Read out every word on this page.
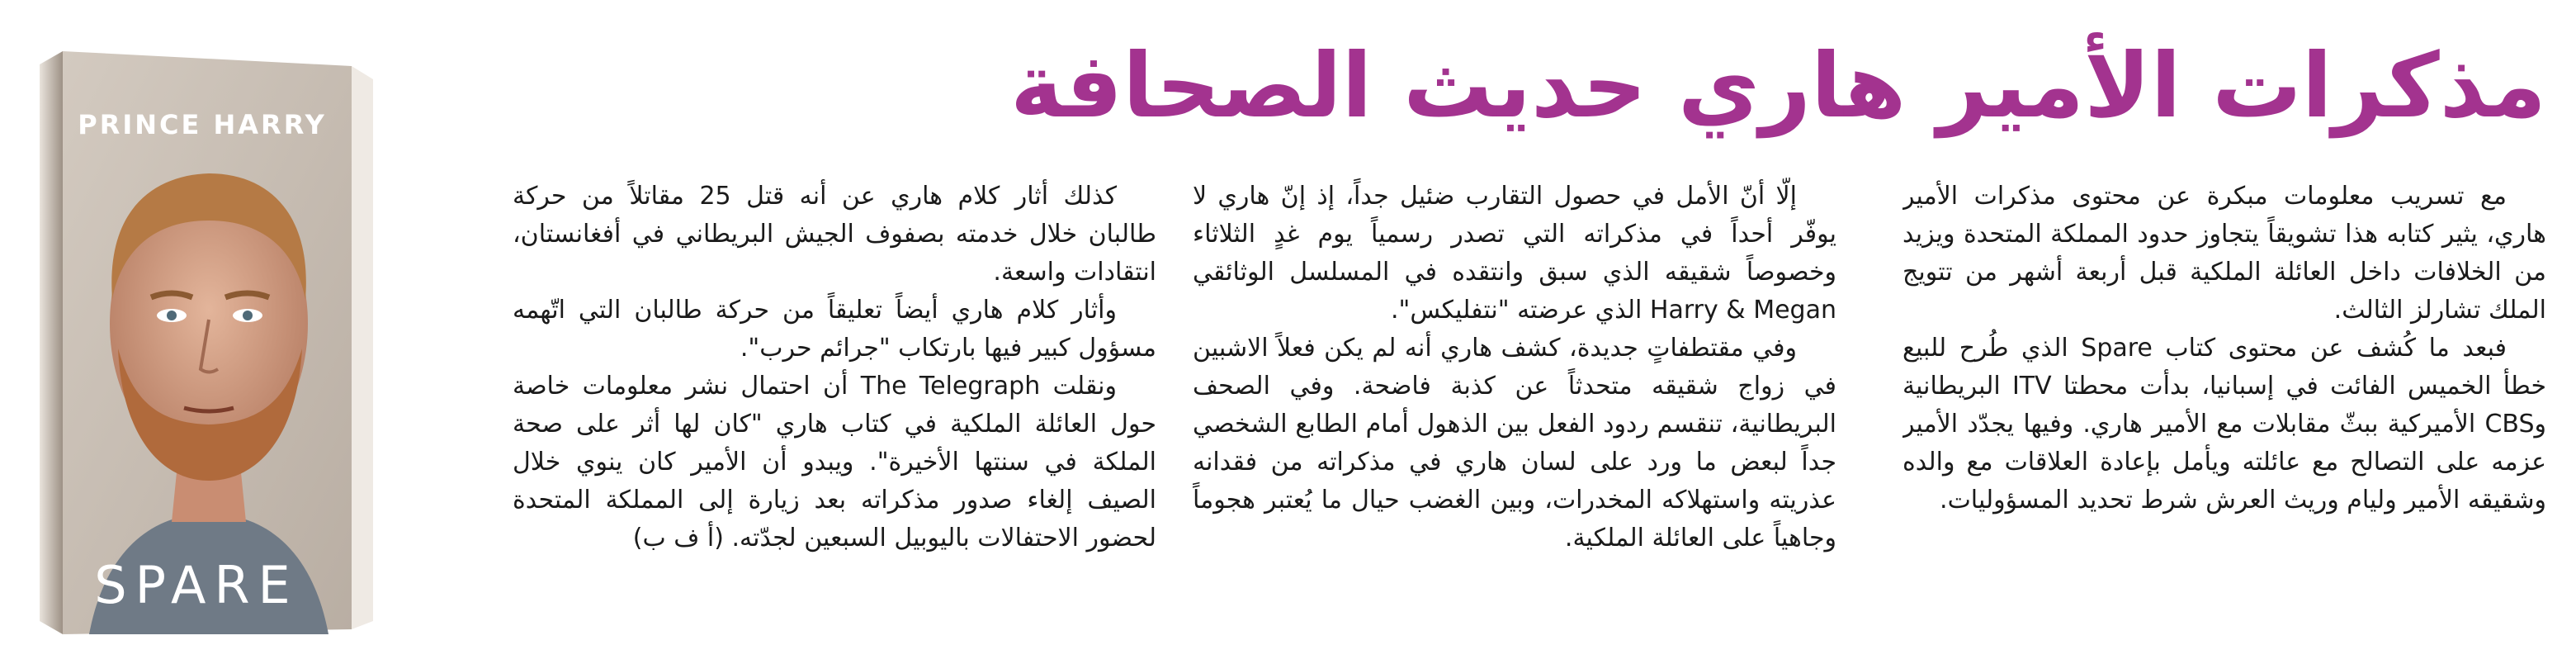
مذكرات الأمير هاري حديث الصحافة

مع تسريب معلومات مبكرة عن محتوى مذكرات الأمير هاري، يثير كتابه هذا تشويقاً يتجاوز حدود المملكة المتحدة ويزيد من الخلافات داخل العائلة الملكية قبل أربعة أشهر من تتويج الملك تشارلز الثالث.

فبعد ما كُشف عن محتوى كتاب Spare الذي طُرح للبيع خطأ الخميس الفائت في إسبانيا، بدأت محطتا ITV البريطانية وCBS الأميركية ببثّ مقابلات مع الأمير هاري. وفيها يجدّد الأمير عزمه على التصالح مع عائلته ويأمل بإعادة العلاقات مع والده وشقيقه الأمير وليام وريث العرش شرط تحديد المسؤوليات.

إلّا أنّ الأمل في حصول التقارب ضئيل جداً، إذ إنّ هاري لا يوفّر أحداً في مذكراته التي تصدر رسمياً يوم غدٍ الثلاثاء وخصوصاً شقيقه الذي سبق وانتقده في المسلسل الوثائقي Harry & Megan الذي عرضته "نتفليكس".

وفي مقتطفاتٍ جديدة، كشف هاري أنه لم يكن فعلاً الاشبين في زواج شقيقه متحدثاً عن كذبة فاضحة. وفي الصحف البريطانية، تنقسم ردود الفعل بين الذهول أمام الطابع الشخصي جداً لبعض ما ورد على لسان هاري في مذكراته من فقدانه عذريته واستهلاكه المخدرات، وبين الغضب حيال ما يُعتبر هجوماً وجاهياً على العائلة الملكية.

كذلك أثار كلام هاري عن أنه قتل 25 مقاتلاً من حركة طالبان خلال خدمته بصفوف الجيش البريطاني في أفغانستان، انتقادات واسعة.

وأثار كلام هاري أيضاً تعليقاً من حركة طالبان التي اتّهمه مسؤول كبير فيها بارتكاب "جرائم حرب".

ونقلت The Telegraph أن احتمال نشر معلومات خاصة حول العائلة الملكية في كتاب هاري "كان لها أثر على صحة الملكة في سنتها الأخيرة". ويبدو أن الأمير كان ينوي خلال الصيف إلغاء صدور مذكراته بعد زيارة إلى المملكة المتحدة لحضور الاحتفالات باليوبيل السبعين لجدّته. (أ ف ب)

PRINCE HARRY

SPARE
